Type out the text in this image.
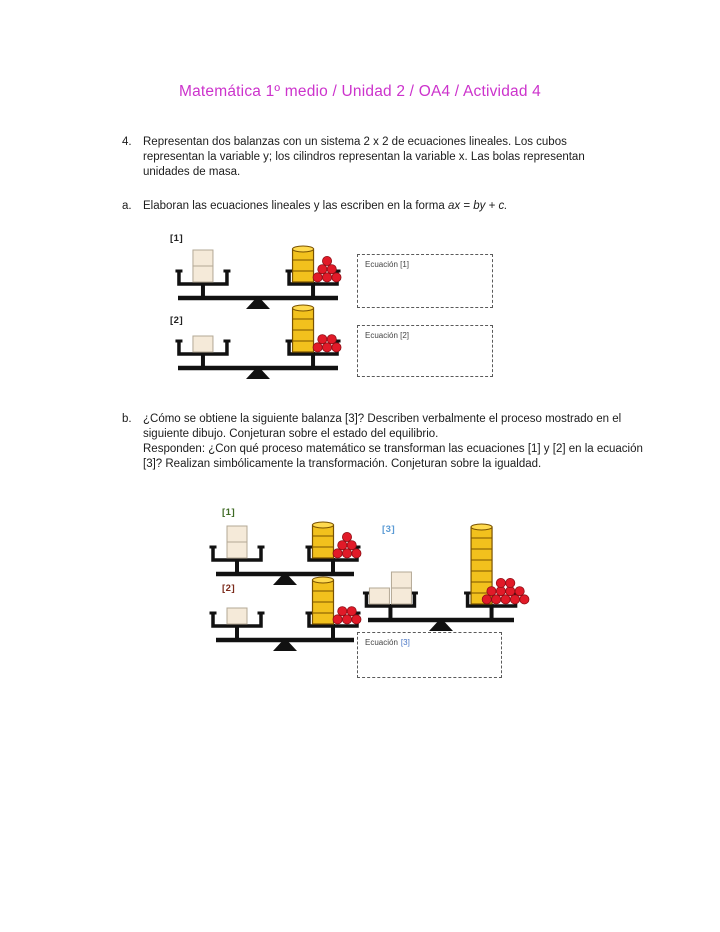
Matemática 1º medio / Unidad 2 / OA4 / Actividad 4
4. Representan dos balanzas con un sistema 2 x 2 de ecuaciones lineales. Los cubos representan la variable y; los cilindros representan la variable x. Las bolas representan unidades de masa.
a. Elaboran las ecuaciones lineales y las escriben en la forma ax = by + c.
[1]
Ecuación [1]
[2]
Ecuación [2]
b. ¿Cómo se obtiene la siguiente balanza [3]? Describen verbalmente el proceso mostrado en el siguiente dibujo. Conjeturan sobre el estado del equilibrio.
Responden: ¿Con qué proceso matemático se transforman las ecuaciones [1] y [2] en la ecuación [3]? Realizan simbólicamente la transformación. Conjeturan sobre la igualdad.
[1]
[2]
[3]
Ecuación [3]
